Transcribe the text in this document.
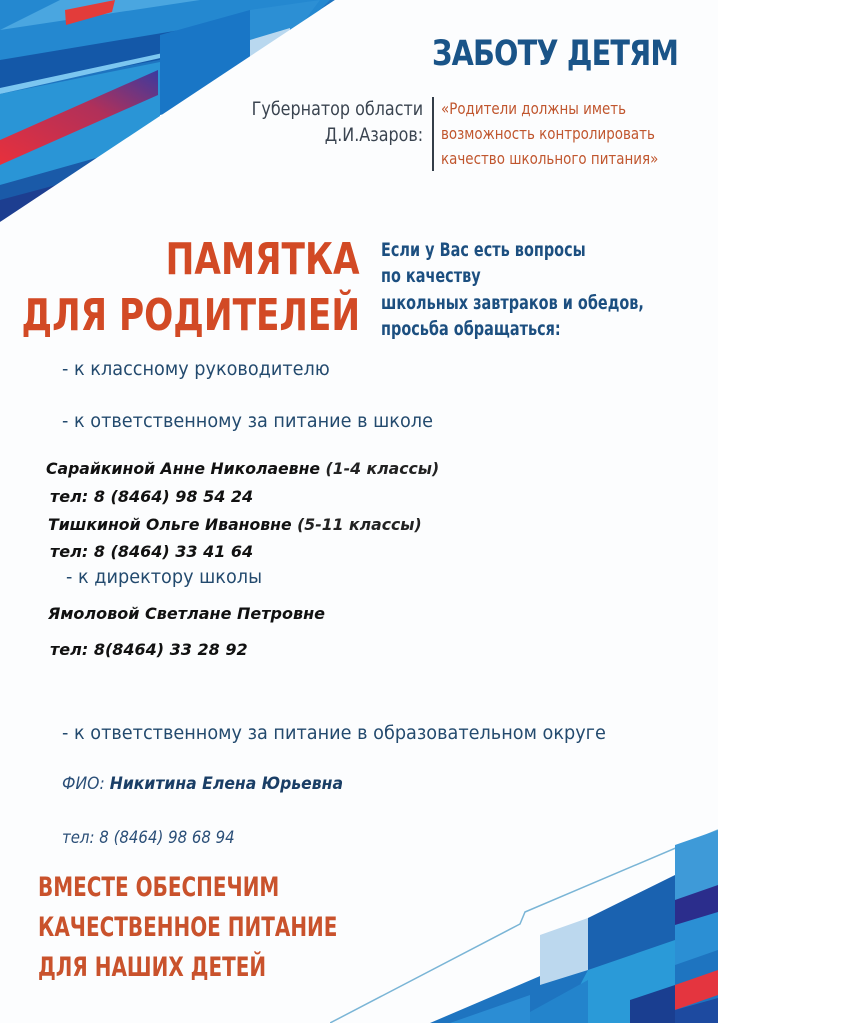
ЗАБОТУ ДЕТЯМ
Губернатор области
Д.И.Азаров:
«Родители должны иметь
возможность контролировать
качество школьного питания»
ПАМЯТКА
ДЛЯ РОДИТЕЛЕЙ
Если у Вас есть вопросы
по качеству
школьных завтраков и обедов,
просьба обращаться:
- к классному руководителю
- к ответственному за питание в школе
Сарайкиной Анне Николаевне (1-4 классы)
тел: 8 (8464) 98 54 24
Тишкиной Ольге Ивановне (5-11 классы)
тел: 8 (8464) 33 41 64
- к директору школы
Ямоловой Светлане Петровне
тел: 8(8464) 33 28 92
- к ответственному за питание в образовательном округе
ФИО: Никитина Елена Юрьевна
тел: 8 (8464) 98 68 94
ВМЕСТЕ ОБЕСПЕЧИМ
КАЧЕСТВЕННОЕ ПИТАНИЕ
ДЛЯ НАШИХ ДЕТЕЙ
